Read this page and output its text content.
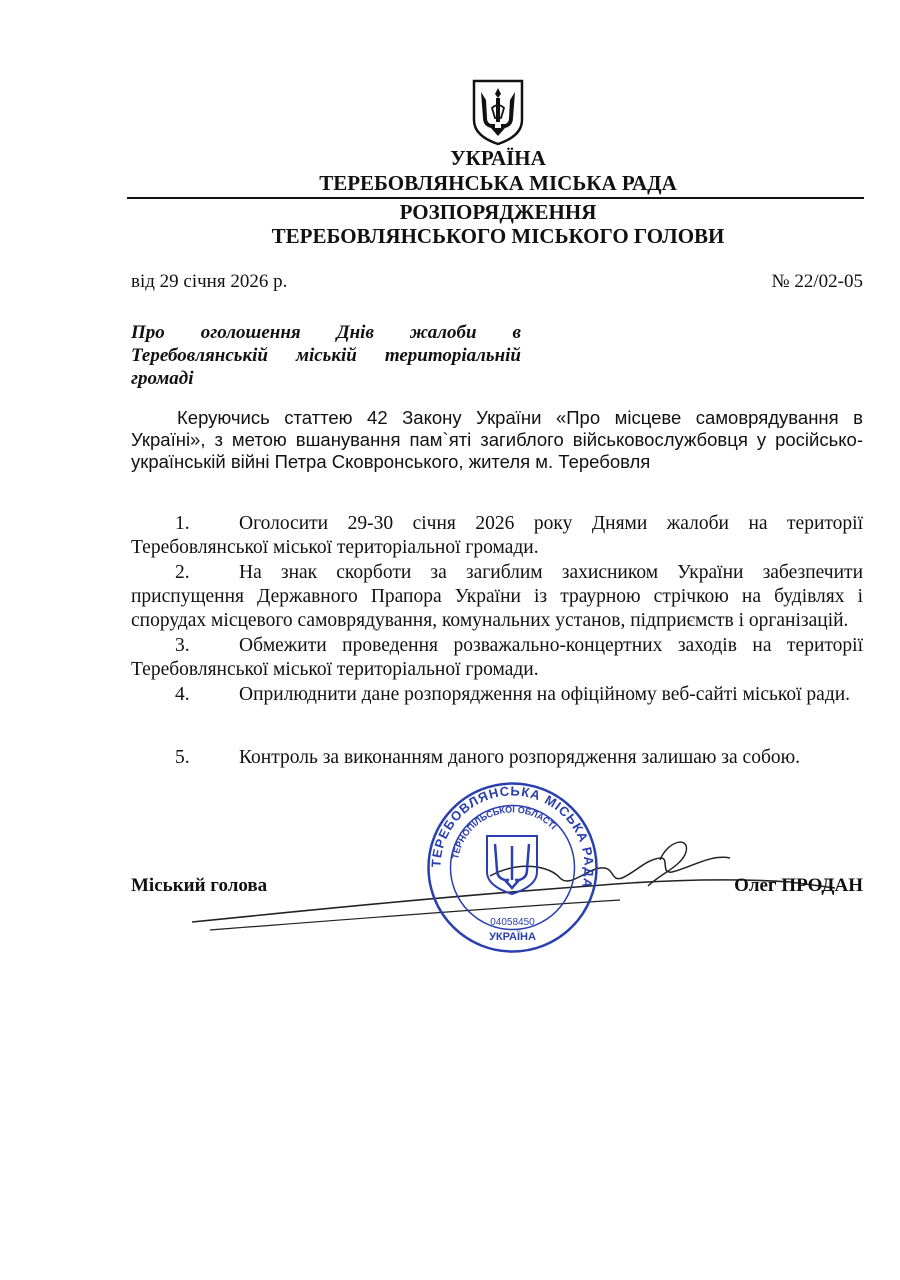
УКРАЇНА
ТЕРЕБОВЛЯНСЬКА МІСЬКА РАДА
РОЗПОРЯДЖЕННЯ
ТЕРЕБОВЛЯНСЬКОГО МІСЬКОГО ГОЛОВИ
від 29 січня 2026 р.	№ 22/02-05
Про оголошення Днів жалоби в Теребовлянській міській територіальній громаді
Керуючись статтею 42 Закону України «Про місцеве самоврядування в Україні», з метою вшанування пам`яті загиблого військовослужбовця у російсько-українській війні Петра Сковронського, жителя м. Теребовля
1.	Оголосити 29-30 січня 2026 року Днями жалоби на території Теребовлянської міської територіальної громади.
2.	На знак скорботи за загиблим захисником України забезпечити приспущення Державного Прапора України із траурною стрічкою на будівлях і спорудах місцевого самоврядування, комунальних установ, підприємств і організацій.
3.	Обмежити проведення розважально-концертних заходів на території Теребовлянської міської територіальної громади.
4.	Оприлюднити дане розпорядження на офіційному веб-сайті міської ради.
5.	Контроль за виконанням даного розпорядження залишаю за собою.
ТЕРЕБОВЛЯНСЬКА МІСЬКА РАДА
ТЕРНОПІЛЬСЬКОЇ ОБЛАСТІ
04058450
УКРАЇНА
Міський голова	Олег ПРОДАН
